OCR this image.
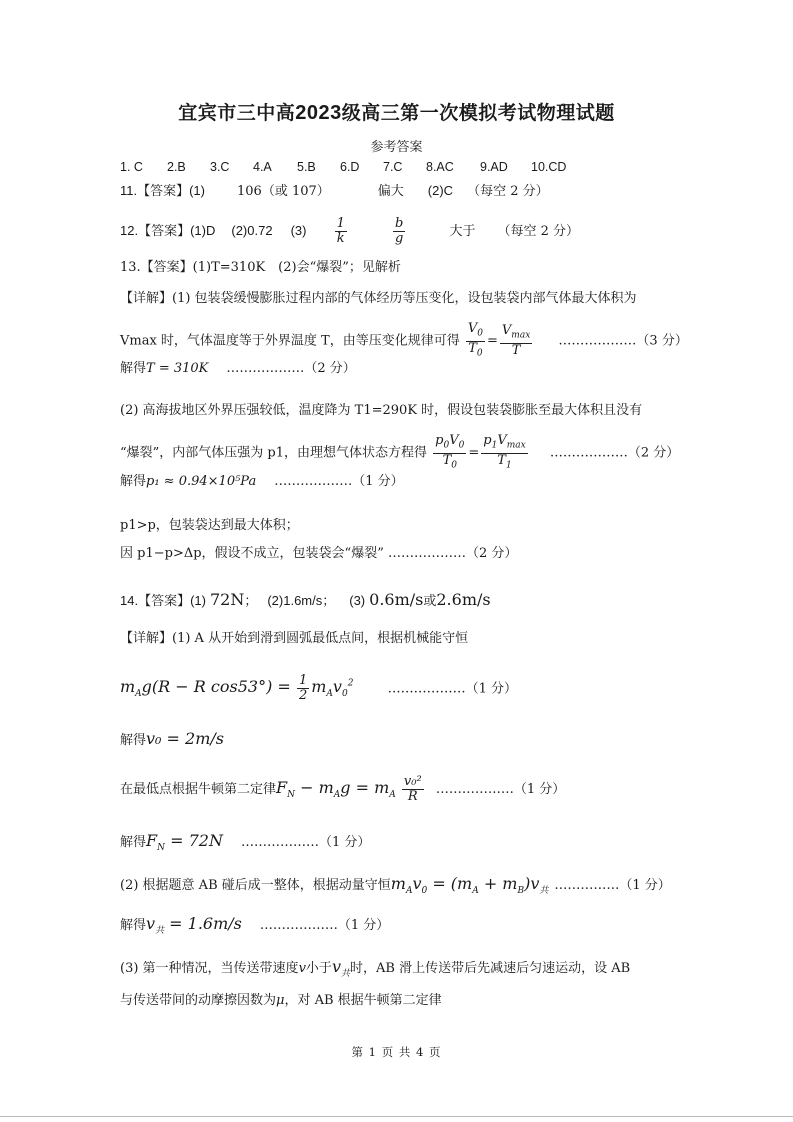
宜宾市三中高2023级高三第一次模拟考试物理试题
参考答案
1. C 2.B 3.C 4.A 5.B 6.D 7.C 8.AC 9.AD 10.CD
11.【答案】(1) 106（或 107）	偏大 (2)C （每空 2 分）
12.【答案】(1)D (2)0.72 $(3) \frac{1}{k}$
	$\frac{b}{g}$	大于 （每空 2 分）
13.【答案】(1)T=310K　(2)会“爆裂”；见解析
【详解】(1) 包装袋缓慢膨胀过程内部的气体经历等压变化，设包装袋内部气体最大体积为
Vmax 时，气体温度等于外界温度 T，由等压变化规律可得 $\frac{V_0}{T_0} = \frac{V_{max}}{T}$ ………………（3 分）
解得T = 310K ………………（2 分）
(2) 高海拔地区外界压强较低，温度降为 T1=290K 时，假设包装袋膨胀至最大体积且没有
“爆裂”，内部气体压强为 p1，由理想气体状态方程得 $\frac{p_0V_0}{T_0} = \frac{p_1V_{max}}{T_1}$ ………………（2 分）
解得p₁ ≈ 0.94×10⁵Pa ………………（1 分）
p1>p，包装袋达到最大体积；
因 p1−p>Δp，假设不成立，包装袋会“爆裂” ………………（2 分）
14.【答案】(1) 72N； (2)1.6m/s； (3) 0.6m/s或2.6m/s
【详解】(1) A 从开始到滑到圆弧最低点间，根据机械能守恒
$m_Ag(R - R$ $\cos 53^\circ) = \frac{1}{2} m_Av_0^2$	………………（1 分）
解得v₀ = 2m/s
在最低点根据牛顿第二定律$F_N - m_Ag = m_A \frac{\text{v₀²}}{R}$ ………………（1 分）
解得$F_N = 72N$ ………………（1 分）
(2) 根据题意 AB 碰后成一整体，根据动量守恒$m_Av_0 = (m_A + m_B)v_共$ ……………（1 分）
解得$v_共 = 1.6m/s$ ………………（1 分）
(3) 第一种情况，当传送带速度v小于$v_共$时，AB 滑上传送带后先减速后匀速运动，设 AB
与传送带间的动摩擦因数为μ，对 AB 根据牛顿第二定律
第 1 页 共 4 页
